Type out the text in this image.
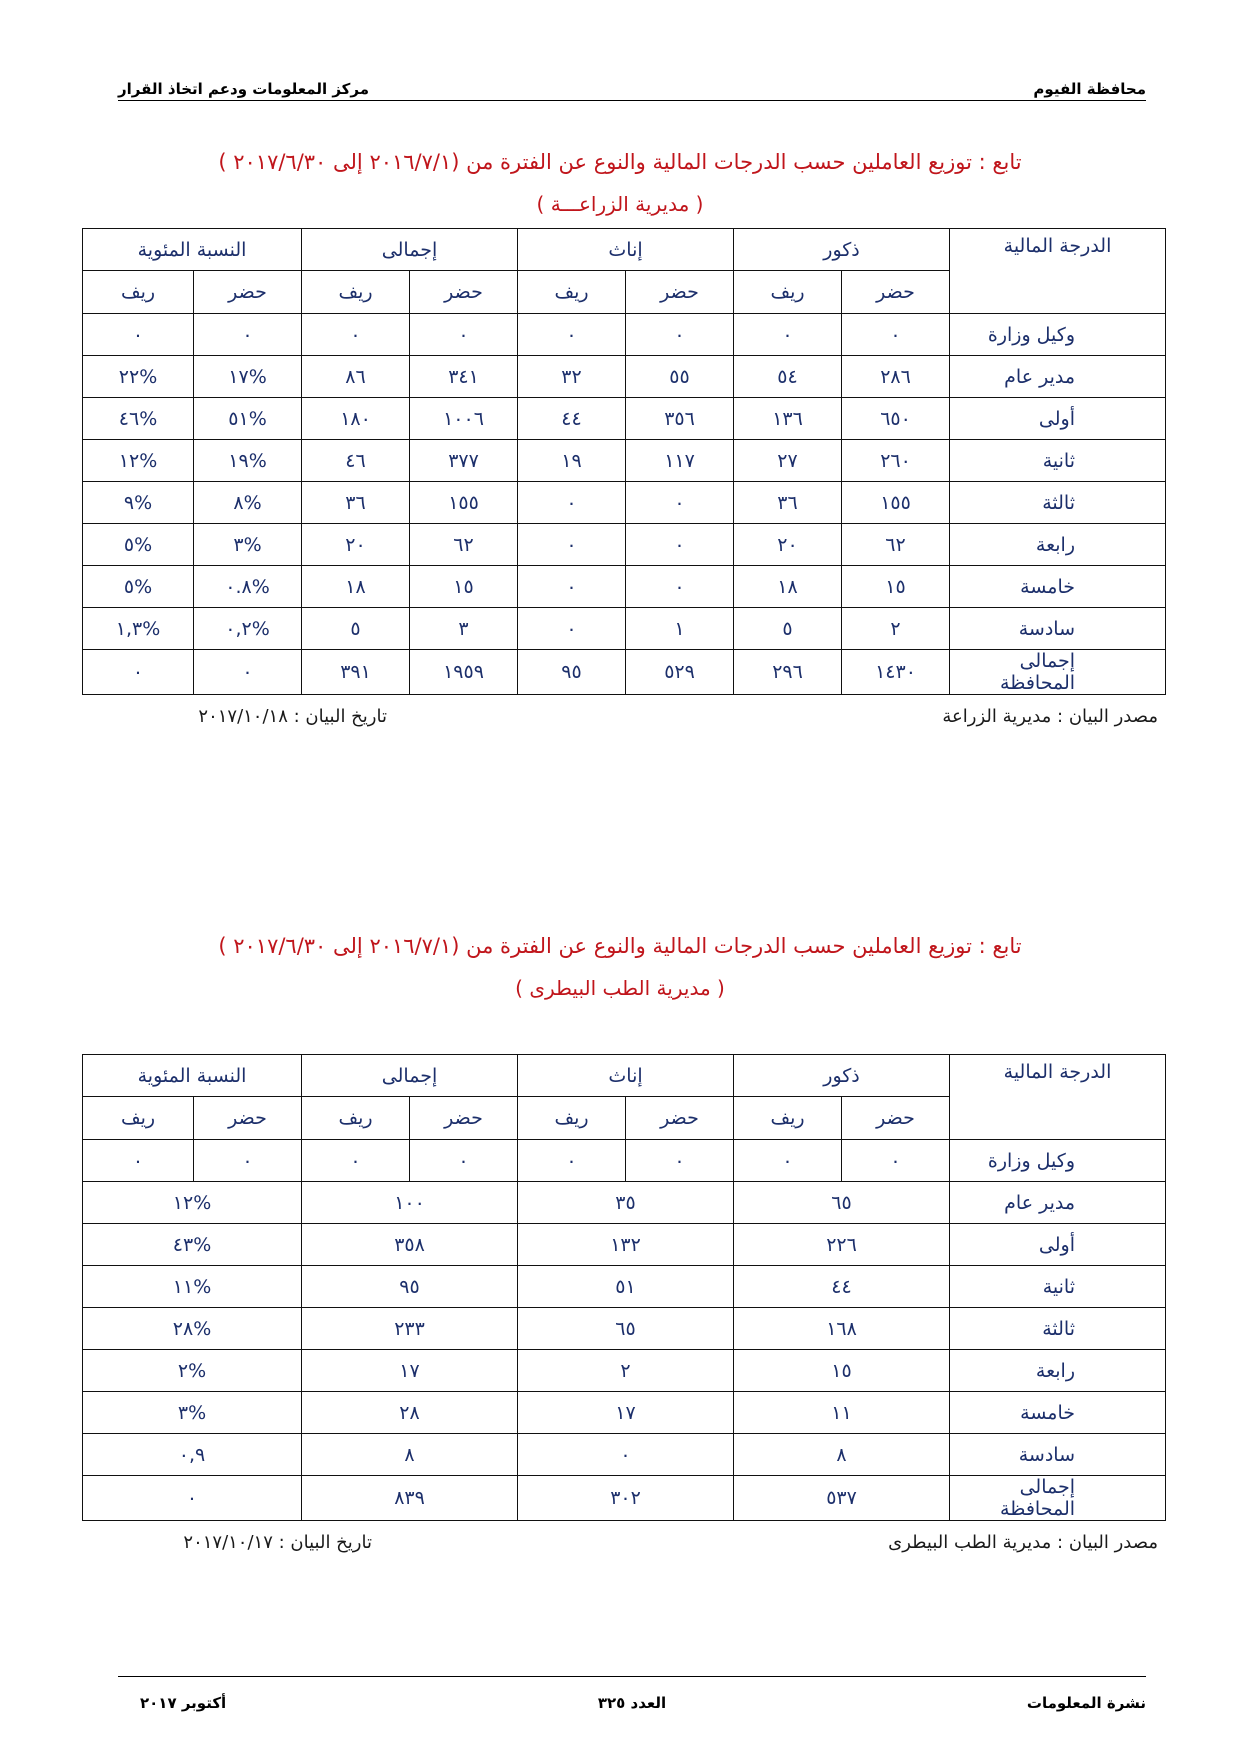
محافظة الفيوم
مركز المعلومات ودعم اتخاذ القرار
تابع : توزيع العاملين حسب الدرجات المالية والنوع عن الفترة من (٢٠١٦/٧/١ إلى ٢٠١٧/٦/٣٠ )
( مديرية الزراعـــة )
الدرجة المالية	ذكور		إناث		إجمالى		النسبة المئوية	
	حضر	ريف	حضر	ريف	حضر	ريف	حضر	ريف
وكيل وزارة	٠	٠	٠	٠	٠	٠	٠	٠
مدير عام	٢٨٦	٥٤	٥٥	٣٢	٣٤١	٨٦	%١٧	%٢٢
أولى	٦٥٠	١٣٦	٣٥٦	٤٤	١٠٠٦	١٨٠	%٥١	%٤٦
ثانية	٢٦٠	٢٧	١١٧	١٩	٣٧٧	٤٦	%١٩	%١٢
ثالثة	١٥٥	٣٦	٠	٠	١٥٥	٣٦	%٨	%٩
رابعة	٦٢	٢٠	٠	٠	٦٢	٢٠	%٣	%٥
خامسة	١٥	١٨	٠	٠	١٥	١٨	%٠.٨	%٥
سادسة	٢	٥	١	٠	٣	٥	%٠,٢	%١,٣
إجمالى المحافظة	١٤٣٠	٢٩٦	٥٢٩	٩٥	١٩٥٩	٣٩١	٠	٠
مصدر البيان : مديرية الزراعة
تاريخ البيان : ٢٠١٧/١٠/١٨
تابع : توزيع العاملين حسب الدرجات المالية والنوع عن الفترة من (٢٠١٦/٧/١ إلى ٢٠١٧/٦/٣٠ )
( مديرية الطب البيطرى )
الدرجة المالية	ذكور		إناث		إجمالى		النسبة المئوية	
	حضر	ريف	حضر	ريف	حضر	ريف	حضر	ريف
وكيل وزارة	٠	٠	٠	٠	٠	٠	٠	٠
مدير عام	٦٥		٣٥		١٠٠		%١٢	
أولى	٢٢٦		١٣٢		٣٥٨		%٤٣	
ثانية	٤٤		٥١		٩٥		%١١	
ثالثة	١٦٨		٦٥		٢٣٣		%٢٨	
رابعة	١٥		٢		١٧		%٢	
خامسة	١١		١٧		٢٨		%٣	
سادسة	٨		٠		٨		٠,٩	
إجمالى المحافظة	٥٣٧		٣٠٢		٨٣٩		٠	
مصدر البيان : مديرية الطب البيطرى
تاريخ البيان : ٢٠١٧/١٠/١٧
نشرة المعلومات
العدد ٣٢٥
أكتوبر ٢٠١٧
